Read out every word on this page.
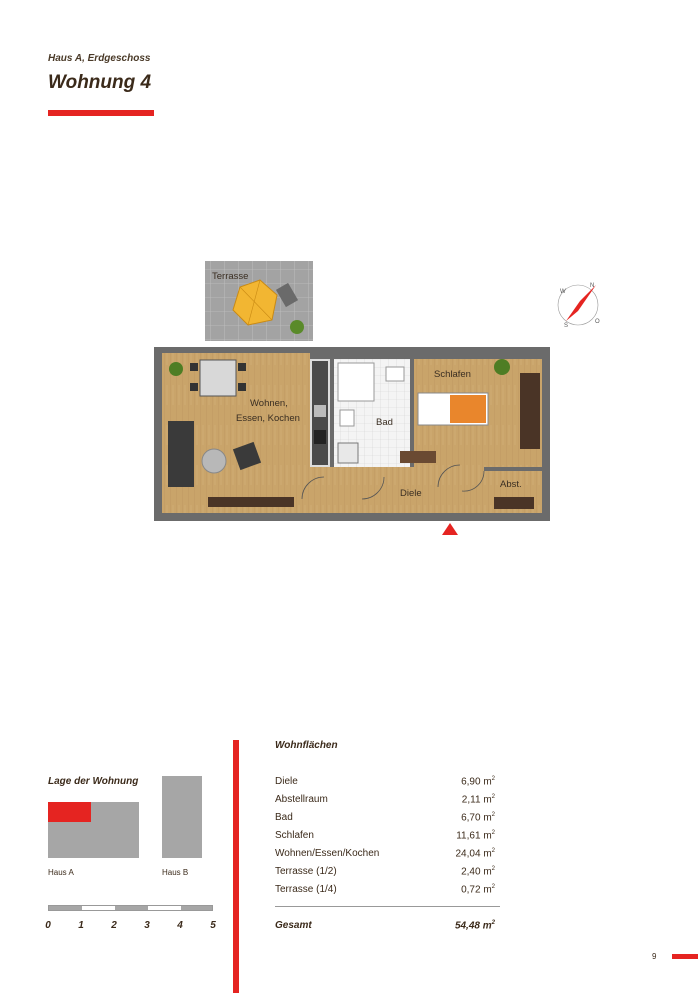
Haus A, Erdgeschoss
Wohnung 4
Terrasse
Wohnen,
Essen, Kochen	Bad
Schlafen
Diele
Abst.
W
N
S
O
Lage der Wohnung
Haus A	Haus B
0	1	2	3	4	5
Wohnflächen
Diele	6,90 $m^2$
Abstellraum	2,11 $m^2$
Bad	6,70 $m^2$
Schlafen	11,61 $m^2$
Wohnen/Essen/Kochen	24,04 $m^2$
Terrasse (1/2)	2,40 $m^2$
Terrasse (1/4)	0,72 $m^2$
Gesamt	54,48 $m^2$
9
